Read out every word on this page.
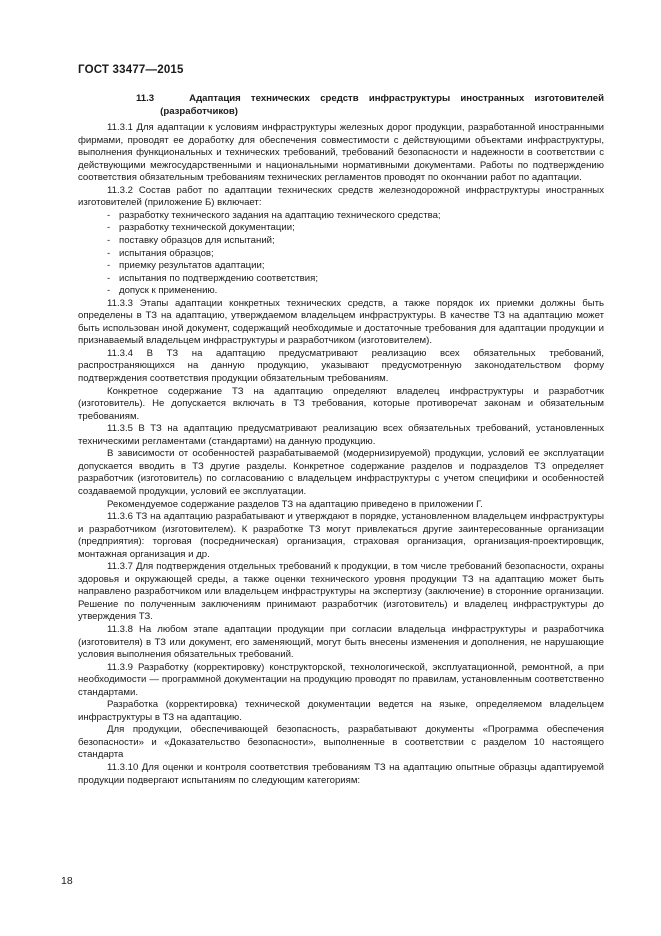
ГОСТ 33477—2015

11.3	Адаптация технических средств инфраструктуры иностранных изготовителей (разработчиков)

11.3.1 Для адаптации к условиям инфраструктуры железных дорог продукции, разработанной иностранными фирмами, проводят ее доработку для обеспечения совместимости с действующими объектами инфраструктуры, выполнения функциональных и технических требований, требований безопасности и надежности в соответствии с действующими межгосударственными и национальными нормативными документами. Работы по подтверждению соответствия обязательным требованиям технических регламентов проводят по окончании работ по адаптации.

11.3.2 Состав работ по адаптации технических средств железнодорожной инфраструктуры иностранных изготовителей (приложение Б) включает:

- разработку технического задания на адаптацию технического средства;
- разработку технической документации;
- поставку образцов для испытаний;
- испытания образцов;
- приемку результатов адаптации;
- испытания по подтверждению соответствия;
- допуск к применению.

11.3.3 Этапы адаптации конкретных технических средств, а также порядок их приемки должны быть определены в ТЗ на адаптацию, утверждаемом владельцем инфраструктуры. В качестве ТЗ на адаптацию может быть использован иной документ, содержащий необходимые и достаточные требования для адаптации продукции и признаваемый владельцем инфраструктуры и разработчиком (изготовителем).

11.3.4 В ТЗ на адаптацию предусматривают реализацию всех обязательных требований, распространяющихся на данную продукцию, указывают предусмотренную законодательством форму подтверждения соответствия продукции обязательным требованиям.

Конкретное содержание ТЗ на адаптацию определяют владелец инфраструктуры и разработчик (изготовитель). Не допускается включать в ТЗ требования, которые противоречат законам и обязательным требованиям.

11.3.5 В ТЗ на адаптацию предусматривают реализацию всех обязательных требований, установленных техническими регламентами (стандартами) на данную продукцию.

В зависимости от особенностей разрабатываемой (модернизируемой) продукции, условий ее эксплуатации допускается вводить в ТЗ другие разделы. Конкретное содержание разделов и подразделов ТЗ определяет разработчик (изготовитель) по согласованию с владельцем инфраструктуры с учетом специфики и особенностей создаваемой продукции, условий ее эксплуатации.

Рекомендуемое содержание разделов ТЗ на адаптацию приведено в приложении Г.

11.3.6 ТЗ на адаптацию разрабатывают и утверждают в порядке, установленном владельцем инфраструктуры и разработчиком (изготовителем). К разработке ТЗ могут привлекаться другие заинтересованные организации (предприятия): торговая (посредническая) организация, страховая организация, организация-проектировщик, монтажная организация и др.

11.3.7 Для подтверждения отдельных требований к продукции, в том числе требований безопасности, охраны здоровья и окружающей среды, а также оценки технического уровня продукции ТЗ на адаптацию может быть направлено разработчиком или владельцем инфраструктуры на экспертизу (заключение) в сторонние организации. Решение по полученным заключениям принимают разработчик (изготовитель) и владелец инфраструктуры до утверждения ТЗ.

11.3.8 На любом этапе адаптации продукции при согласии владельца инфраструктуры и разработчика (изготовителя) в ТЗ или документ, его заменяющий, могут быть внесены изменения и дополнения, не нарушающие условия выполнения обязательных требований.

11.3.9 Разработку (корректировку) конструкторской, технологической, эксплуатационной, ремонтной, а при необходимости — программной документации на продукцию проводят по правилам, установленным соответственно стандартами.

Разработка (корректировка) технической документации ведется на языке, определяемом владельцем инфраструктуры в ТЗ на адаптацию.

Для продукции, обеспечивающей безопасность, разрабатывают документы «Программа обеспечения безопасности» и «Доказательство безопасности», выполненные в соответствии с разделом 10 настоящего стандарта

11.3.10 Для оценки и контроля соответствия требованиям ТЗ на адаптацию опытные образцы адаптируемой продукции подвергают испытаниям по следующим категориям:

18
